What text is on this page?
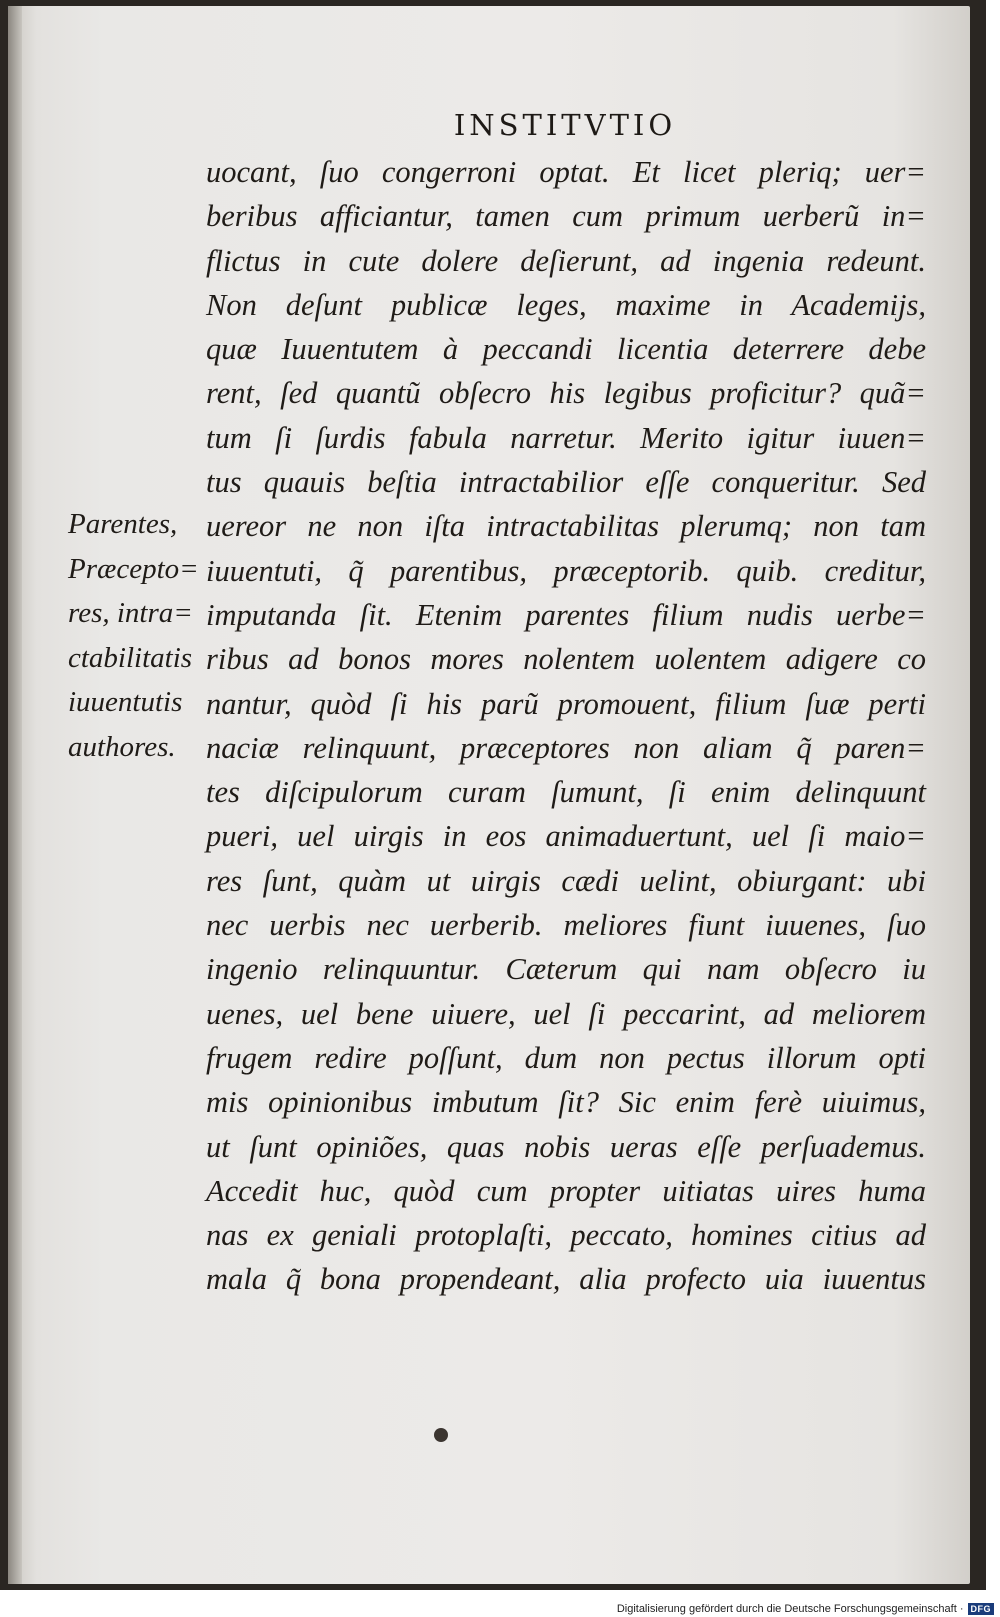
INSTITVTIO
Parentes,
Præcepto=
res, intra=
ctabilitatis
iuuentutis
authores.
uocant, ſuo congerroni optat. Et licet pleriq; uer=
beribus afficiantur, tamen cum primum uerberũ in=
flictus in cute dolere deſierunt, ad ingenia redeunt.
Non deſunt publicæ leges, maxime in Academijs,
quæ Iuuentutem à peccandi licentia deterrere debe
rent, ſed quantũ obſecro his legibus proficitur? quã=
tum ſi ſurdis fabula narretur. Merito igitur iuuen=
tus quauis beſtia intractabilior eſſe conqueritur. Sed
uereor ne non iſta intractabilitas plerumq; non tam
iuuentuti, q̃ parentibus, præceptorib. quib. creditur,
imputanda ſit. Etenim parentes filium nudis uerbe=
ribus ad bonos mores nolentem uolentem adigere co
nantur, quòd ſi his parũ promouent, filium ſuæ perti
naciæ relinquunt, præceptores non aliam q̃ paren=
tes diſcipulorum curam ſumunt, ſi enim delinquunt
pueri, uel uirgis in eos animaduertunt, uel ſi maio=
res ſunt, quàm ut uirgis cædi uelint, obiurgant: ubi
nec uerbis nec uerberib. meliores fiunt iuuenes, ſuo
ingenio relinquuntur. Cæterum qui nam obſecro iu
uenes, uel bene uiuere, uel ſi peccarint, ad meliorem
frugem redire poſſunt, dum non pectus illorum opti
mis opinionibus imbutum ſit? Sic enim ferè uiuimus,
ut ſunt opiniões, quas nobis ueras eſſe perſuademus.
Accedit huc, quòd cum propter uitiatas uires huma
nas ex geniali protoplaſti, peccato, homines citius ad
mala q̃ bona propendeant, alia profecto uia iuuentus
Digitalisierung gefördert durch die Deutsche Forschungsgemeinschaft · DFG
